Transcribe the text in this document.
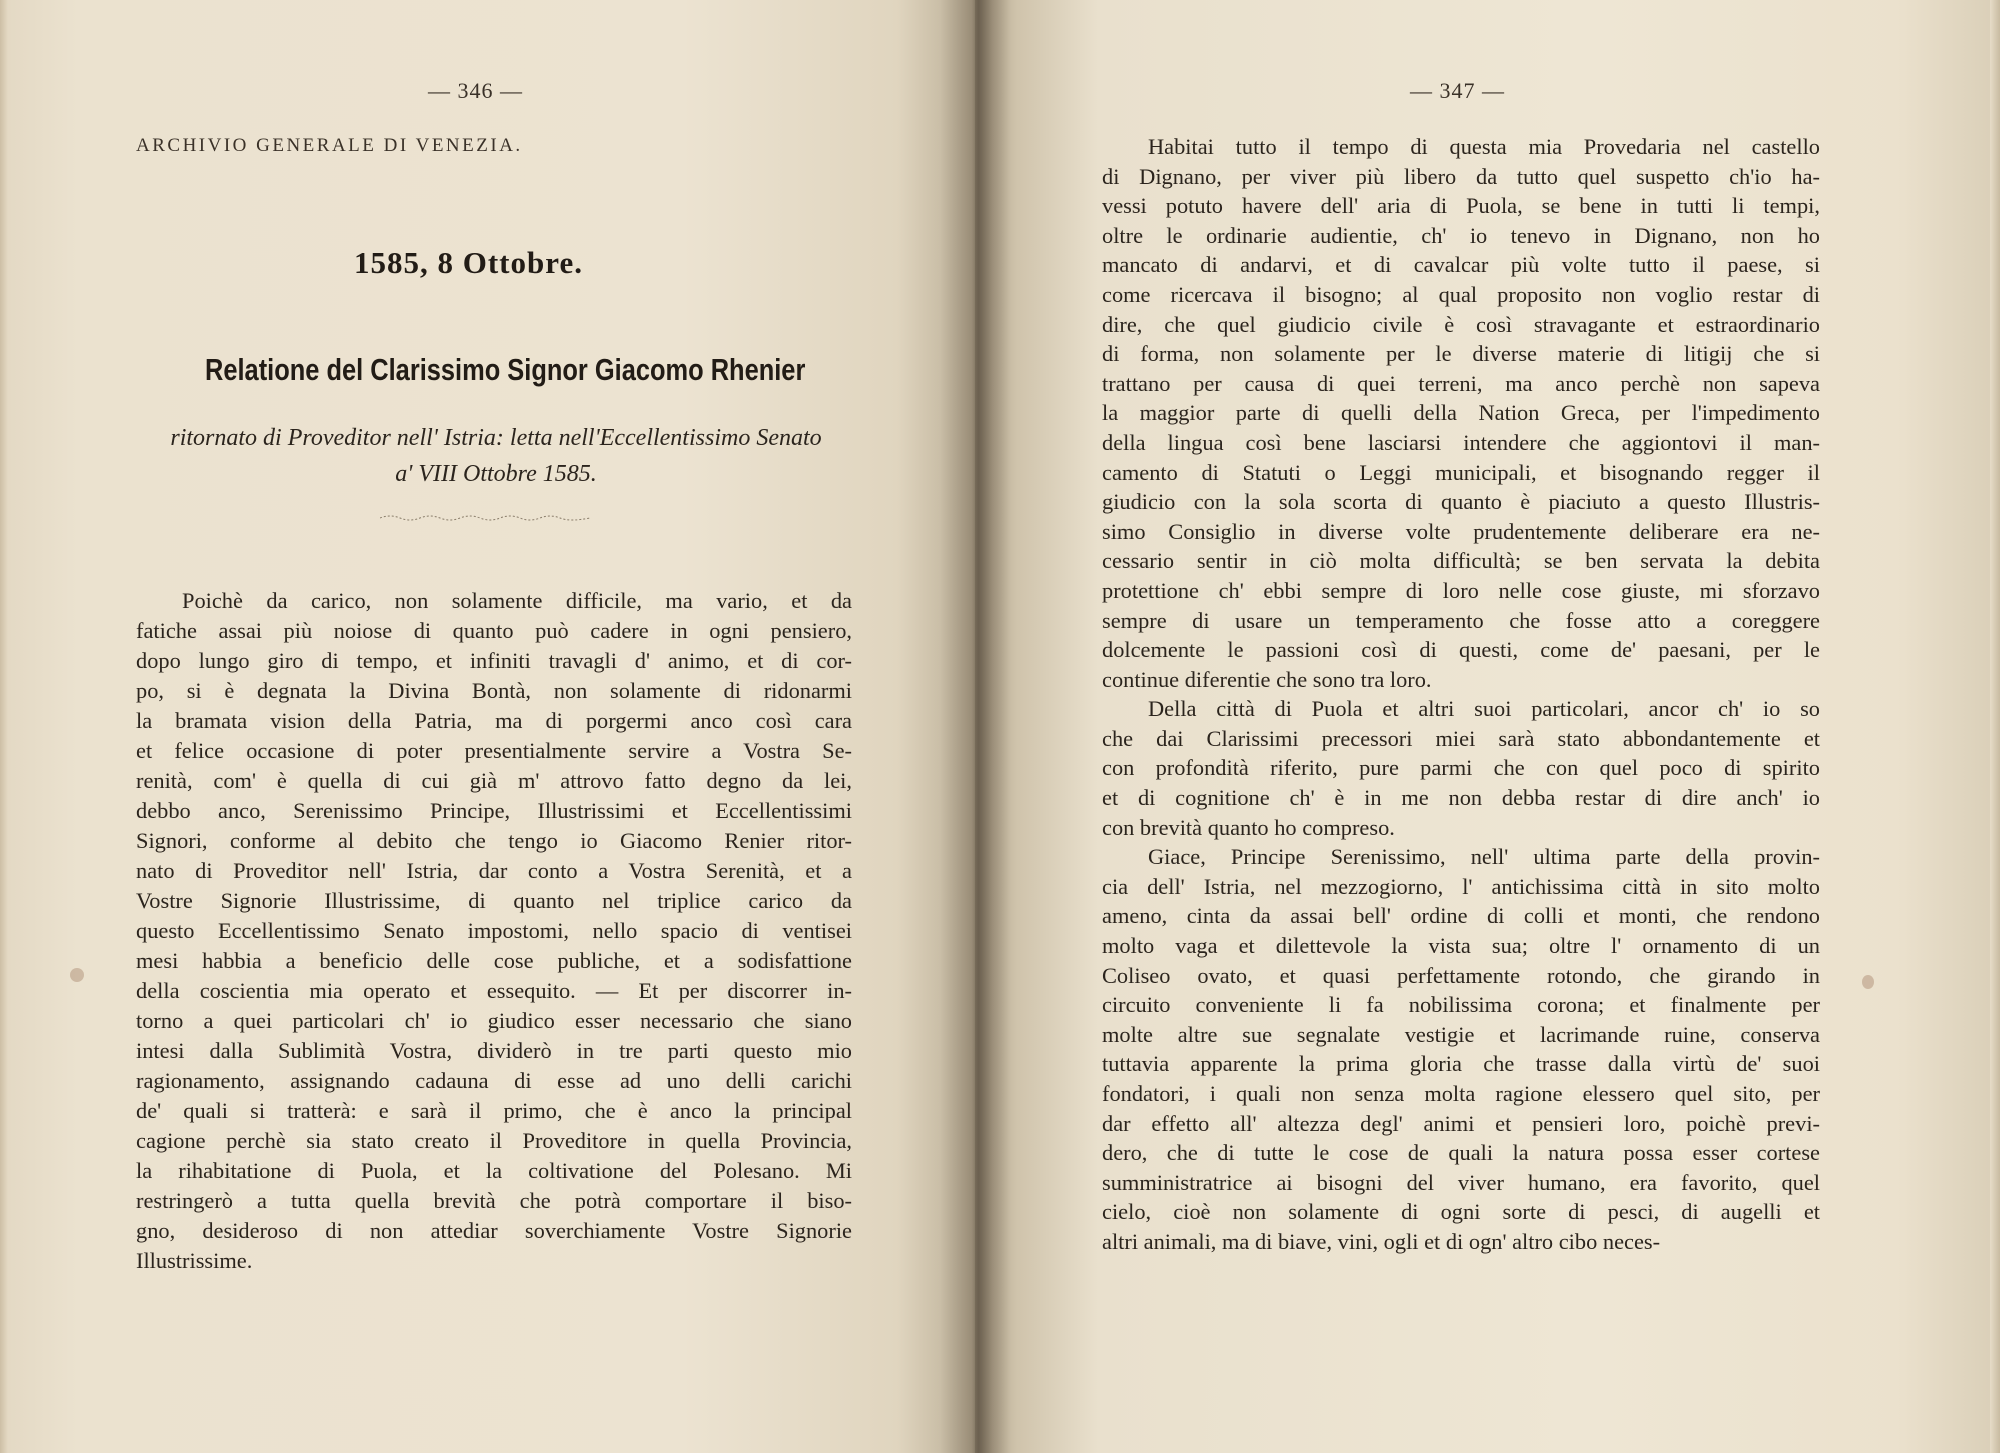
— 346 —
ARCHIVIO GENERALE DI VENEZIA.
1585, 8 Ottobre.
Relatione del Clarissimo Signor Giacomo Rhenier
ritornato di Proveditor nell' Istria: letta nell'Eccellentissimo Senato
a' VIII Ottobre 1585.
Poichè da carico, non solamente difficile, ma vario, et da
fatiche assai più noiose di quanto può cadere in ogni pensiero,
dopo lungo giro di tempo, et infiniti travagli d' animo, et di cor-
po, si è degnata la Divina Bontà, non solamente di ridonarmi
la bramata vision della Patria, ma di porgermi anco così cara
et felice occasione di poter presentialmente servire a Vostra Se-
renità, com' è quella di cui già m' attrovo fatto degno da lei,
debbo anco, Serenissimo Principe, Illustrissimi et Eccellentissimi
Signori, conforme al debito che tengo io Giacomo Renier ritor-
nato di Proveditor nell' Istria, dar conto a Vostra Serenità, et a
Vostre Signorie Illustrissime, di quanto nel triplice carico da
questo Eccellentissimo Senato impostomi, nello spacio di ventisei
mesi habbia a beneficio delle cose publiche, et a sodisfattione
della coscientia mia operato et essequito. — Et per discorrer in-
torno a quei particolari ch' io giudico esser necessario che siano
intesi dalla Sublimità Vostra, dividerò in tre parti questo mio
ragionamento, assignando cadauna di esse ad uno delli carichi
de' quali si tratterà: e sarà il primo, che è anco la principal
cagione perchè sia stato creato il Proveditore in quella Provincia,
la rihabitatione di Puola, et la coltivatione del Polesano. Mi
restringerò a tutta quella brevità che potrà comportare il biso-
gno, desideroso di non attediar soverchiamente Vostre Signorie
Illustrissime.
— 347 —
Habitai tutto il tempo di questa mia Provedaria nel castello
di Dignano, per viver più libero da tutto quel suspetto ch'io ha-
vessi potuto havere dell' aria di Puola, se bene in tutti li tempi,
oltre le ordinarie audientie, ch' io tenevo in Dignano, non ho
mancato di andarvi, et di cavalcar più volte tutto il paese, si
come ricercava il bisogno; al qual proposito non voglio restar di
dire, che quel giudicio civile è così stravagante et estraordinario
di forma, non solamente per le diverse materie di litigij che si
trattano per causa di quei terreni, ma anco perchè non sapeva
la maggior parte di quelli della Nation Greca, per l'impedimento
della lingua così bene lasciarsi intendere che aggiontovi il man-
camento di Statuti o Leggi municipali, et bisognando regger il
giudicio con la sola scorta di quanto è piaciuto a questo Illustris-
simo Consiglio in diverse volte prudentemente deliberare era ne-
cessario sentir in ciò molta difficultà; se ben servata la debita
protettione ch' ebbi sempre di loro nelle cose giuste, mi sforzavo
sempre di usare un temperamento che fosse atto a coreggere
dolcemente le passioni così di questi, come de' paesani, per le
continue diferentie che sono tra loro.
Della città di Puola et altri suoi particolari, ancor ch' io so
che dai Clarissimi precessori miei sarà stato abbondantemente et
con profondità riferito, pure parmi che con quel poco di spirito
et di cognitione ch' è in me non debba restar di dire anch' io
con brevità quanto ho compreso.
Giace, Principe Serenissimo, nell' ultima parte della provin-
cia dell' Istria, nel mezzogiorno, l' antichissima città in sito molto
ameno, cinta da assai bell' ordine di colli et monti, che rendono
molto vaga et dilettevole la vista sua; oltre l' ornamento di un
Coliseo ovato, et quasi perfettamente rotondo, che girando in
circuito conveniente li fa nobilissima corona; et finalmente per
molte altre sue segnalate vestigie et lacrimande ruine, conserva
tuttavia apparente la prima gloria che trasse dalla virtù de' suoi
fondatori, i quali non senza molta ragione elessero quel sito, per
dar effetto all' altezza degl' animi et pensieri loro, poichè previ-
dero, che di tutte le cose de quali la natura possa esser cortese
sumministratrice ai bisogni del viver humano, era favorito, quel
cielo, cioè non solamente di ogni sorte di pesci, di augelli et
altri animali, ma di biave, vini, ogli et di ogn' altro cibo neces-
